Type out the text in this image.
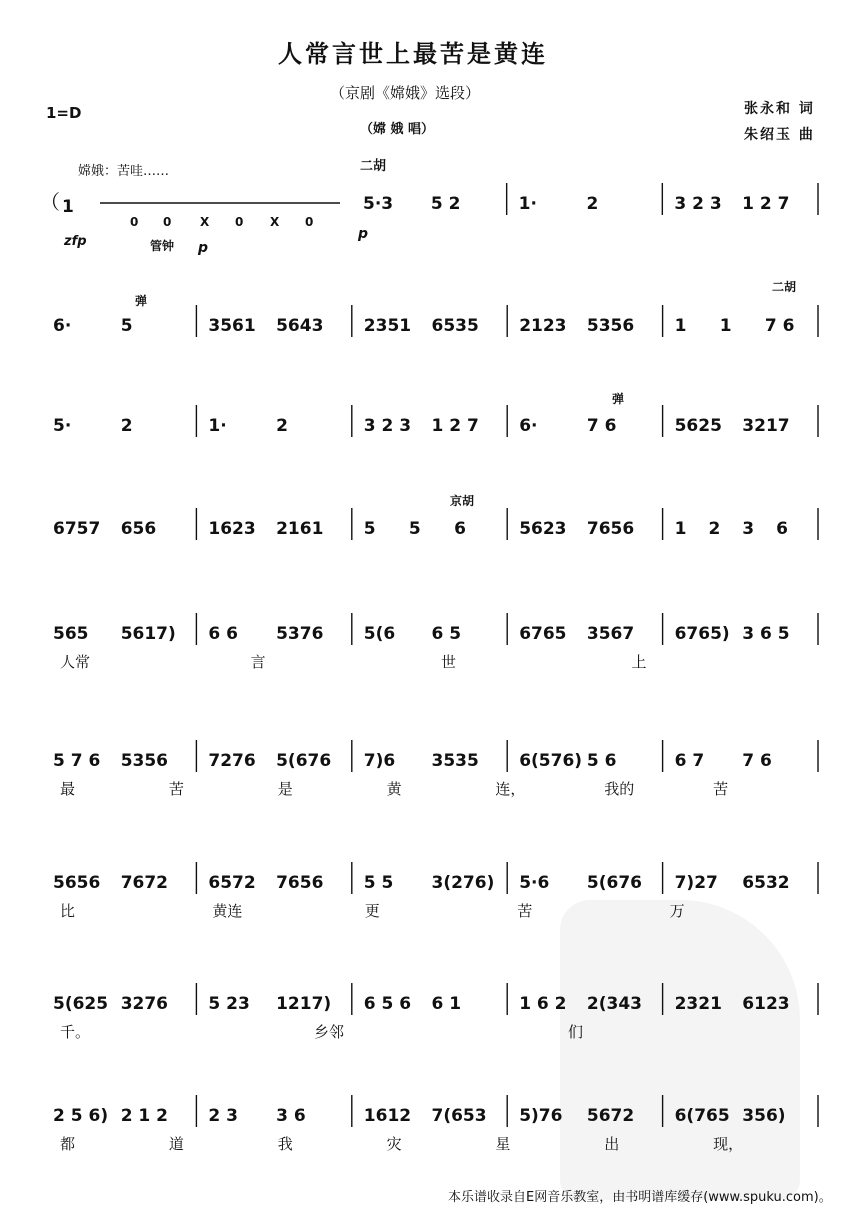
人常言世上最苦是黄连
（京剧《嫦娥》选段）
（嫦 娥 唱）
1=D	张永和 词
朱绍玉 曲
嫦娥：苦哇……	二胡
（
zfp	管钟 p
p
弹
二胡
弹
京胡
1
0 0 X 0 X 0
5·3 5 2	1·	2	3 2 3 1 2 7
6·	5	3561 5643 2351 6535 2123 5356 1 1 7 6
5·	2	1·	2	3 2 3 1 2 7 6·	7 6	5625 3217
6757 656	1623 2161 5 5 6	5623 7656 1 2 3 6
565 5617) 6 6 5376 5(6 6 5	6765 3567 6765) 3 6 5
5 7 6 5356 7276 5(676 7)6 3535 6(576) 5 6	6 7 7 6
5656 7672 6572 7656 5 5 3(276) 5·6 5(676 7)27 6532
5(625 3276 5 23 1217) 6 5 6 6 1	1 6 2 2(343 2321 6123
2 5 6) 2 1 2 2 3 3 6	1612 7(653 5)76 5672 6(765 356)
人常	言	世	上
最	苦	是	黄	连，	我的	苦
比	黄连	更	苦	万
千。	乡邻	们
都	道	我	灾	星	出	现，
本乐谱收录自E网音乐教室，由书明谱库缓存(www.spuku.com)。
